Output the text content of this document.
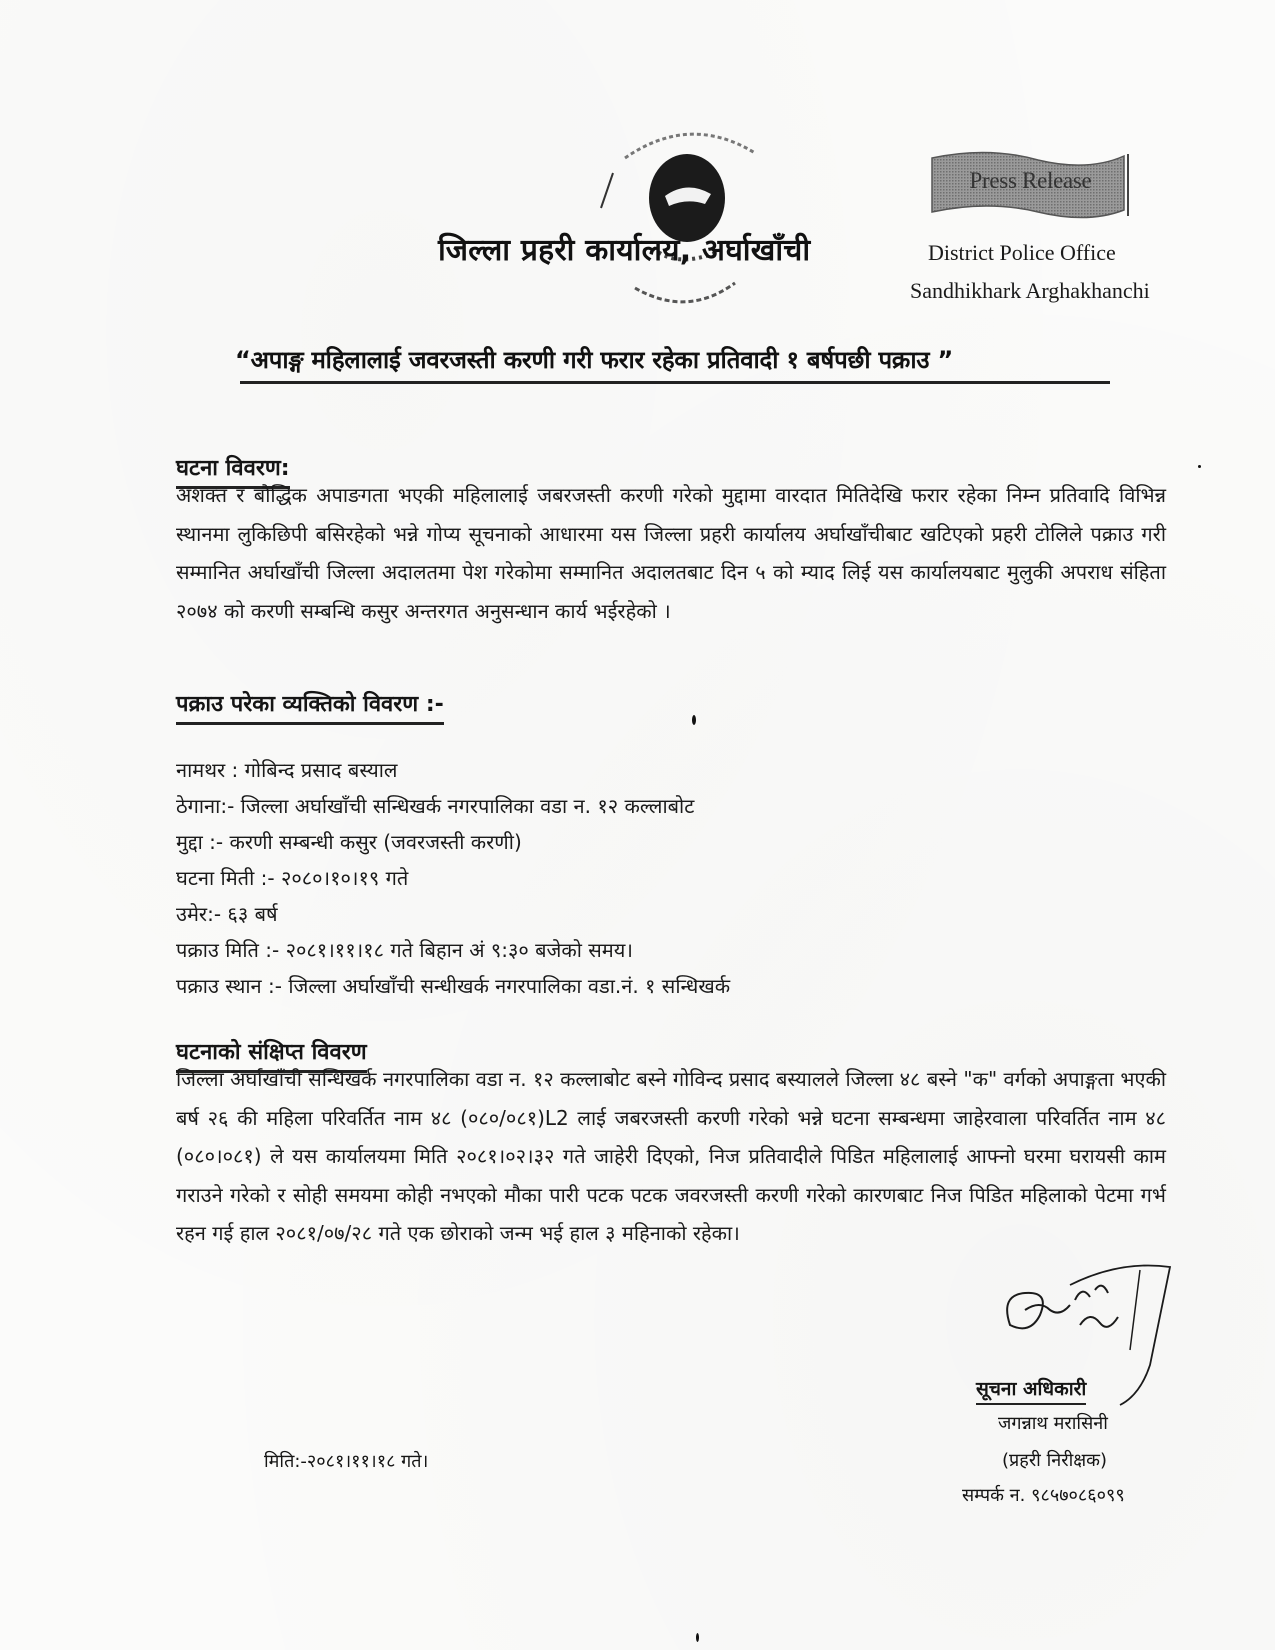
जिल्ला प्रहरी कार्यालय, अर्घाखाँची
Press Release
District Police Office
Sandhikhark Arghakhanchi
“अपाङ्ग महिलालाई जवरजस्ती करणी गरी फरार रहेका प्रतिवादी १ बर्षपछी पक्राउ ”
घटना विवरण:
अशक्त र बौद्धिक अपाङगता भएकी महिलालाई जबरजस्ती करणी गरेको मुद्दामा वारदात मितिदेखि फरार रहेका निम्न प्रतिवादि विभिन्न स्थानमा लुकिछिपी बसिरहेको भन्ने गोप्य सूचनाको आधारमा यस जिल्ला प्रहरी कार्यालय अर्घाखाँचीबाट खटिएको प्रहरी टोलिले पक्राउ गरी सम्मानित अर्घाखाँची जिल्ला अदालतमा पेश गरेकोमा सम्मानित अदालतबाट दिन ५ को म्याद लिई यस कार्यालयबाट मुलुकी अपराध संहिता २०७४ को करणी सम्बन्धि कसुर अन्तरगत अनुसन्धान कार्य भईरहेको ।
पक्राउ परेका व्यक्तिको विवरण :-
नामथर : गोबिन्द प्रसाद बस्याल
ठेगाना:- जिल्ला अर्घाखाँची सन्धिखर्क नगरपालिका वडा न. १२ कल्लाबोट
मुद्दा :- करणी सम्बन्धी कसुर (जवरजस्ती करणी)
घटना मिती :- २०८०।१०।१९ गते
उमेर:- ६३ बर्ष
पक्राउ मिति :- २०८१।११।१८ गते बिहान अं ९:३० बजेको समय।
पक्राउ स्थान :- जिल्ला अर्घाखाँची सन्धीखर्क नगरपालिका वडा.नं. १ सन्धिखर्क
घटनाको संक्षिप्त विवरण
जिल्ला अर्घाखाँची सन्धिखर्क नगरपालिका वडा न. १२ कल्लाबोट बस्ने गोविन्द प्रसाद बस्यालले जिल्ला ४८ बस्ने "क" वर्गको अपाङ्गता भएकी बर्ष २६ की महिला परिवर्तित नाम ४८ (०८०/०८१)L2 लाई जबरजस्ती करणी गरेको भन्ने घटना सम्बन्धमा जाहेरवाला परिवर्तित नाम ४८ (०८०।०८१) ले यस कार्यालयमा मिति २०८१।०२।३२ गते जाहेरी दिएको, निज प्रतिवादीले पिडित महिलालाई आफ्नो घरमा घरायसी काम गराउने गरेको र सोही समयमा कोही नभएको मौका पारी पटक पटक जवरजस्ती करणी गरेको कारणबाट निज पिडित महिलाको पेटमा गर्भ रहन गई हाल २०८१/०७/२८ गते एक छोराको जन्म भई हाल ३ महिनाको रहेका।
सूचना अधिकारी
जगन्नाथ मरासिनी
(प्रहरी निरीक्षक)
सम्पर्क न. ९८५७०८६०९९
मिति:-२०८१।११।१८ गते।
